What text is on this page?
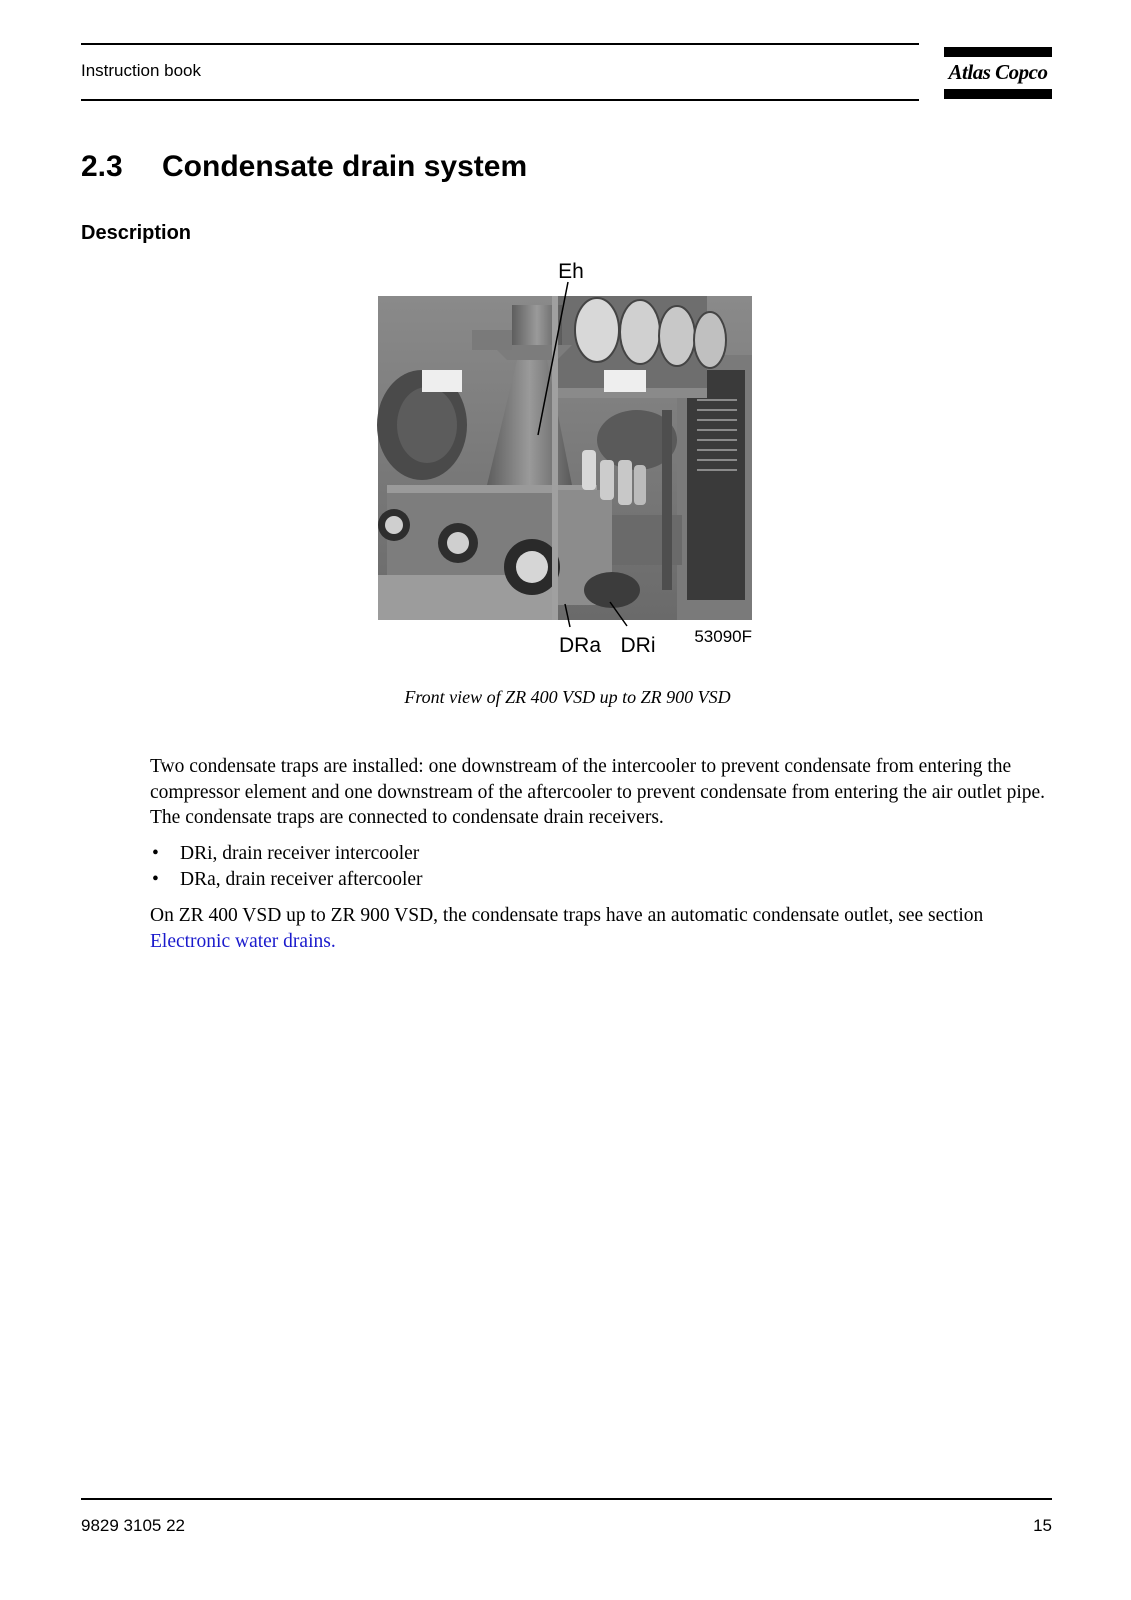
Instruction book	Atlas Copco
2.3 Condensate drain system
Description
Eh
DRa DRi 53090F
Front view of ZR 400 VSD up to ZR 900 VSD
Two condensate traps are installed: one downstream of the intercooler to prevent condensate from entering the compressor element and one downstream of the aftercooler to prevent condensate from entering the air outlet pipe. The condensate traps are connected to condensate drain receivers.
• DRi, drain receiver intercooler
• DRa, drain receiver aftercooler
On ZR 400 VSD up to ZR 900 VSD, the condensate traps have an automatic condensate outlet, see section Electronic water drains.
9829 3105 22	15
